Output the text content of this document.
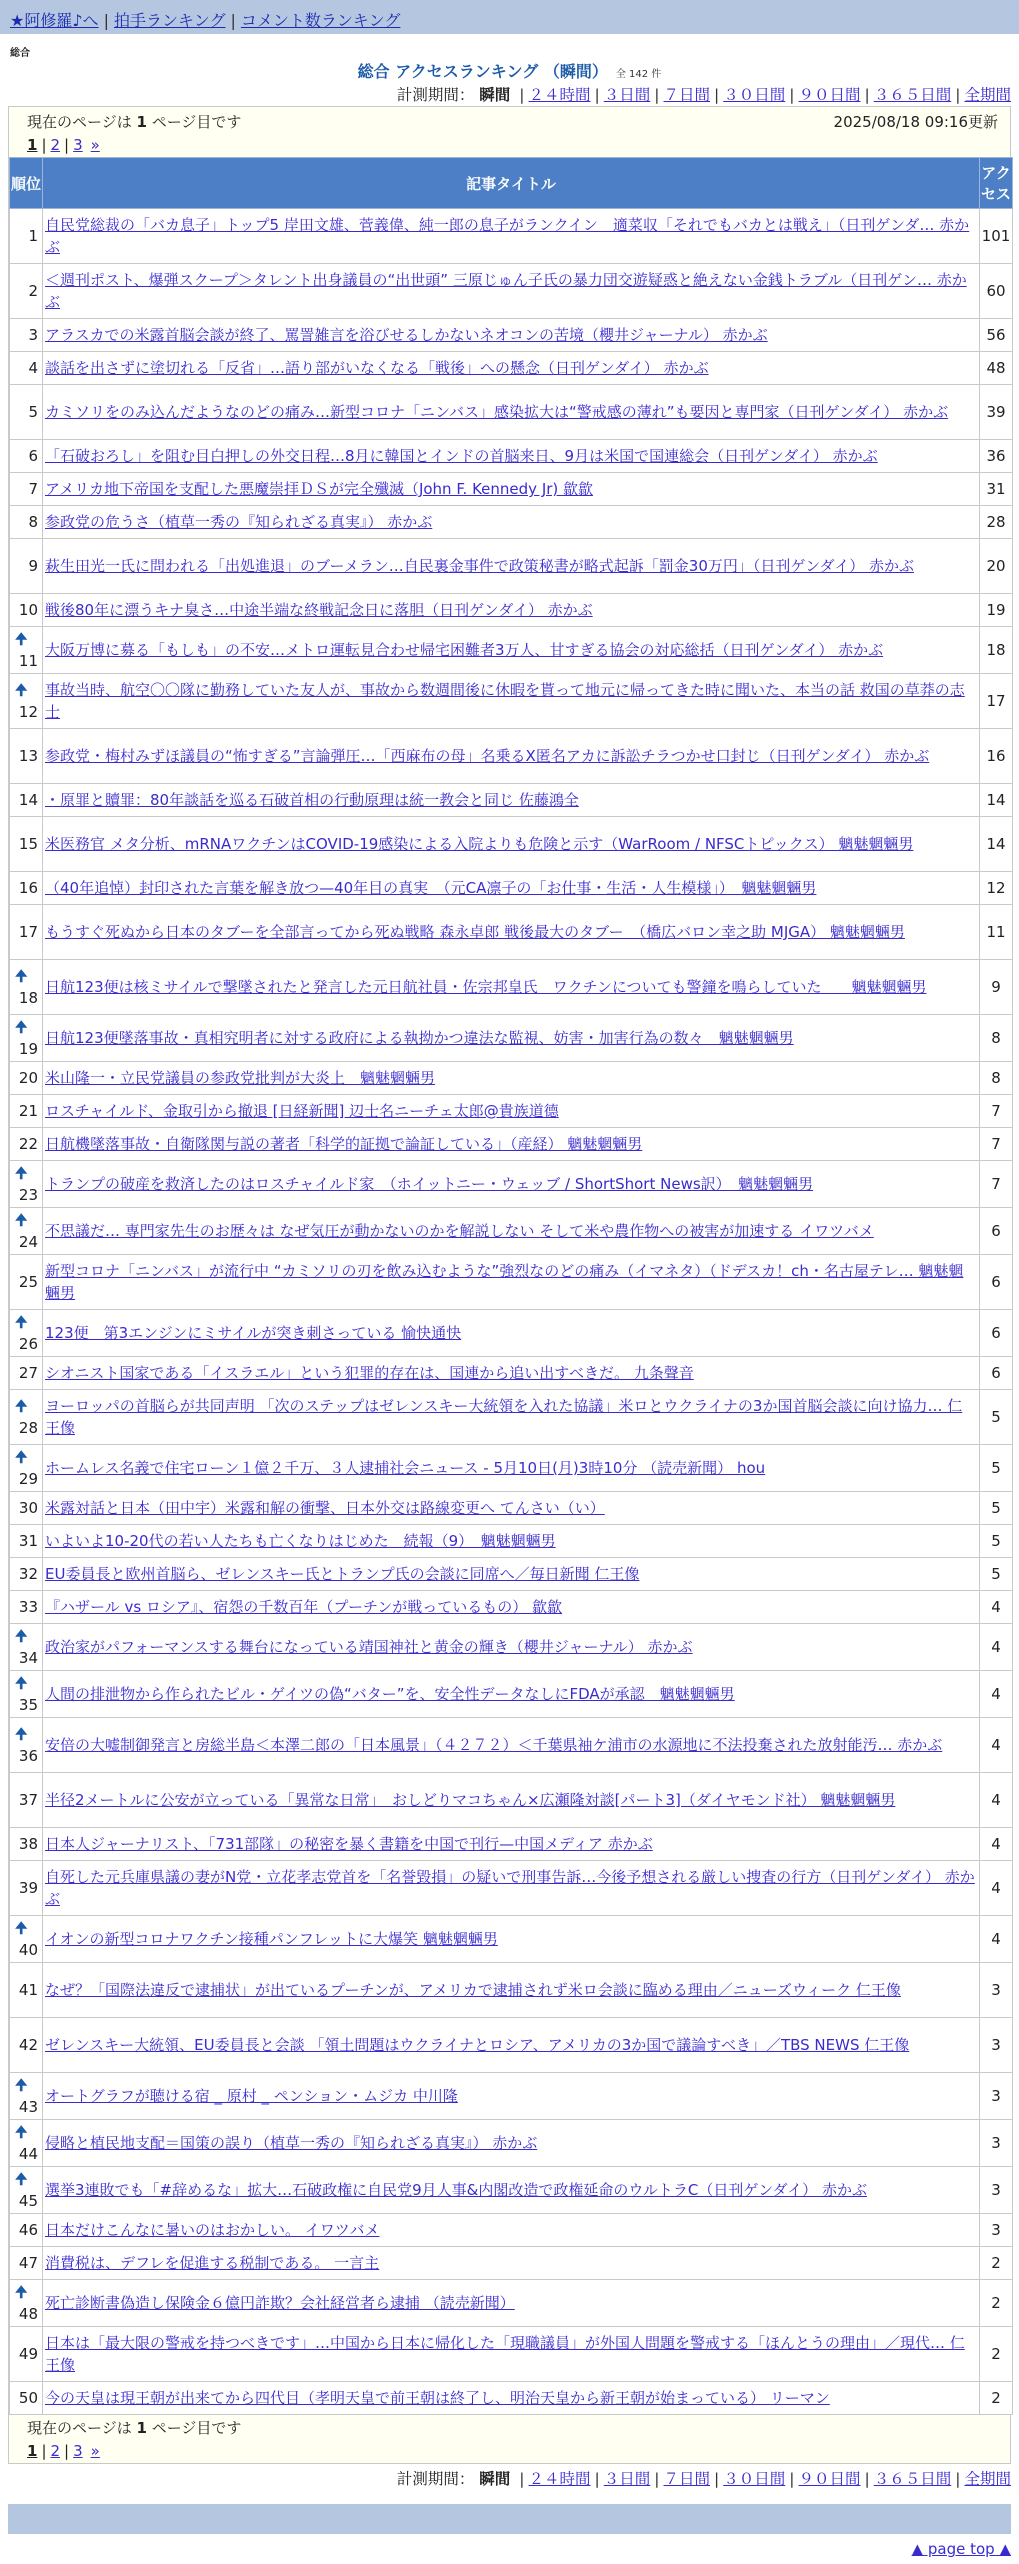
★阿修羅♪へ | 拍手ランキング | コメント数ランキング
総合
総合 アクセスランキング （瞬間） 全 142 件
計測期間： 瞬間 | ２４時間 | ３日間 | ７日間 | ３０日間 | ９０日間 | ３６５日間 | 全期間
現在のページは 1 ページ目です	2025/08/18 09:16更新
1 | 2 | 3 »
順位	記事タイトル	アクセス
1	自民党総裁の「バカ息子」トップ5 岸田文雄、菅義偉、純一郎の息子がランクイン　適菜収「それでもバカとは戦え」（日刊ゲンダ… 赤かぶ	101
2	＜週刊ポスト、爆弾スクープ＞タレント出身議員の“出世頭” 三原じゅん子氏の暴力団交遊疑惑と絶えない金銭トラブル（日刊ゲン… 赤かぶ	60
3	アラスカでの米露首脳会談が終了、罵詈雑言を浴びせるしかないネオコンの苦境（櫻井ジャーナル） 赤かぶ	56
4	談話を出さずに塗切れる「反省」…語り部がいなくなる「戦後」への懸念（日刊ゲンダイ） 赤かぶ	48
5	カミソリをのみ込んだようなのどの痛み…新型コロナ「ニンバス」感染拡大は“警戒感の薄れ”も要因と専門家（日刊ゲンダイ） 赤かぶ	39
6	「石破おろし」を阻む目白押しの外交日程…8月に韓国とインドの首脳来日、9月は米国で国連総会（日刊ゲンダイ） 赤かぶ	36
7	アメリカ地下帝国を支配した悪魔崇拝ＤＳが完全殲滅（John F. Kennedy Jr) 歙歙	31
8	参政党の危うさ（植草一秀の『知られざる真実』） 赤かぶ	28
9	萩生田光一氏に問われる「出処進退」のブーメラン…自民裏金事件で政策秘書が略式起訴「罰金30万円」（日刊ゲンダイ） 赤かぶ	20
10	戦後80年に漂うキナ臭さ…中途半端な終戦記念日に落胆（日刊ゲンダイ） 赤かぶ	19

🠉
11	大阪万博に募る「もしも」の不安…メトロ運転見合わせ帰宅困難者3万人、甘すぎる協会の対応総括（日刊ゲンダイ） 赤かぶ	18

🠉
12	事故当時、航空〇〇隊に勤務していた友人が、事故から数週間後に休暇を貰って地元に帰ってきた時に聞いた、本当の話 救国の草莽の志士	17
13	参政党・梅村みずほ議員の“怖すぎる”言論弾圧…「西麻布の母」名乗るX匿名アカに訴訟チラつかせ口封じ（日刊ゲンダイ） 赤かぶ	16
14	・原罪と贖罪：80年談話を巡る石破首相の行動原理は統一教会と同じ 佐藤鴻全	14
15	米医務官 メタ分析、mRNAワクチンはCOVID-19感染による入院よりも危険と示す（WarRoom / NFSCトピックス） 魑魅魍魎男	14
16	（40年追悼）封印された言葉を解き放つ—40年目の真実　（元CA凛子の「お仕事・生活・人生模様」）　魑魅魍魎男	12
17	もうすぐ死ぬから日本のタブーを全部言ってから死ぬ戦略 森永卓郎 戦後最大のタブー　（橋広バロン幸之助 MJGA） 魑魅魍魎男	11

🠉
18	日航123便は核ミサイルで撃墜されたと発言した元日航社員・佐宗邦皇氏　ワクチンについても警鐘を鳴らしていた　　魑魅魍魎男	9

🠉
19	日航123便墜落事故・真相究明者に対する政府による執拗かつ違法な監視、妨害・加害行為の数々　魑魅魍魎男	8
20	米山隆一・立民党議員の参政党批判が大炎上　魑魅魍魎男	8
21	ロスチャイルド、金取引から撤退 [日経新聞] 辺士名ニーチェ太郎@貴族道德	7
22	日航機墜落事故・自衛隊関与説の著者「科学的証拠で論証している」（産経） 魑魅魍魎男	7

🠉
23	トランプの破産を救済したのはロスチャイルド家　（ホイットニー・ウェッブ / ShortShort News訳）　魑魅魍魎男	7

🠉
24	不思議だ… 専門家先生のお歴々は なぜ気圧が動かないのかを解説しない そして米や農作物への被害が加速する イワツバメ	6
25	新型コロナ「ニンバス」が流行中 “カミソリの刃を飲み込むような”強烈なのどの痛み（イマネタ）（ドデスカ！ch・名古屋テレ… 魑魅魍魎男	6

🠉
26	123便　第3エンジンにミサイルが突き刺さっている 愉快通快	6
27	シオニスト国家である「イスラエル」という犯罪的存在は、国連から追い出すべきだ。 九条聲音	6

🠉
28	ヨーロッパの首脳らが共同声明 「次のステップはゼレンスキー大統領を入れた協議」米ロとウクライナの3か国首脳会談に向け協力… 仁王像	5

🠉
29	ホームレス名義で住宅ローン１億２千万、３人逮捕社会ニュース - 5月10日(月)3時10分 （読売新聞） hou	5
30	米露対話と日本（田中宇）米露和解の衝撃、日本外交は路線変更へ てんさい（い）	5
31	いよいよ10-20代の若い人たちも亡くなりはじめた　続報（9）　魑魅魍魎男	5
32	EU委員長と欧州首脳ら、ゼレンスキー氏とトランプ氏の会談に同席へ／毎日新聞 仁王像	5
33	『ハザール vs ロシア』、宿怨の千数百年（プーチンが戦っているもの） 歙歙	4

🠉
34	政治家がパフォーマンスする舞台になっている靖国神社と黄金の輝き（櫻井ジャーナル） 赤かぶ	4

🠉
35	人間の排泄物から作られたビル・ゲイツの偽“バター”を、安全性データなしにFDAが承認　魑魅魍魎男	4

🠉
36	安倍の大嘘制御発言と房総半島＜本澤二郎の「日本風景」（４２７２）＜千葉県袖ケ浦市の水源地に不法投棄された放射能汚… 赤かぶ	4
37	半径2メートルに公安が立っている「異常な日常」　おしどりマコちゃん×広瀬隆対談[パート3]（ダイヤモンド社） 魑魅魍魎男	4
38	日本人ジャーナリスト、「731部隊」の秘密を暴く書籍を中国で刊行—中国メディア 赤かぶ	4
39	自死した元兵庫県議の妻がN党・立花孝志党首を「名誉毀損」の疑いで刑事告訴…今後予想される厳しい捜査の行方（日刊ゲンダイ） 赤かぶ	4

🠉
40	イオンの新型コロナワクチン接種パンフレットに大爆笑 魑魅魍魎男	4
41	なぜ？「国際法違反で逮捕状」が出ているプーチンが、アメリカで逮捕されず米ロ会談に臨める理由／ニューズウィーク 仁王像	3
42	ゼレンスキー大統領、EU委員長と会談 「領土問題はウクライナとロシア、アメリカの3か国で議論すべき」／TBS NEWS 仁王像	3

🠉
43	オートグラフが聴ける宿 _ 原村 _ ペンション・ムジカ 中川隆	3

🠉
44	侵略と植民地支配＝国策の誤り（植草一秀の『知られざる真実』） 赤かぶ	3

🠉
45	選挙3連敗でも「#辞めるな」拡大…石破政権に自民党9月人事&内閣改造で政権延命のウルトラC（日刊ゲンダイ） 赤かぶ	3
46	日本だけこんなに暑いのはおかしい。 イワツバメ	3
47	消費税は、デフレを促進する税制である。 一言主	2

🠉
48	死亡診断書偽造し保険金６億円詐欺？会社経営者ら逮捕 （読売新聞）	2
49	日本は「最大限の警戒を持つべきです」…中国から日本に帰化した「現職議員」が外国人問題を警戒する「ほんとうの理由」／現代… 仁王像	2
50	今の天皇は現王朝が出来てから四代目（孝明天皇で前王朝は終了し、明治天皇から新王朝が始まっている） リーマン	2
現在のページは 1 ページ目です
1 | 2 | 3 »
計測期間： 瞬間 | ２４時間 | ３日間 | ７日間 | ３０日間 | ９０日間 | ３６５日間 | 全期間
▲ page top ▲
